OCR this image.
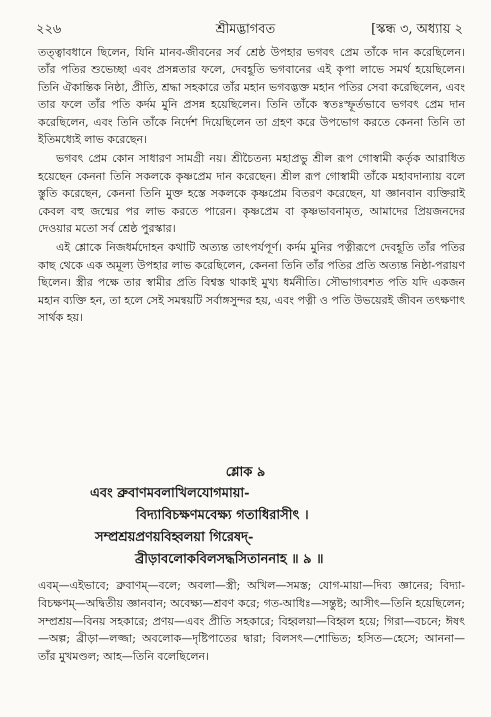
২২৬	শ্রীমদ্ভাগবত	[স্কন্ধ ৩, অধ্যায় ২

তত্ত্বাবধানে ছিলেন, যিনি মানব-জীবনের সর্ব শ্রেষ্ঠ উপহার ভগবৎ প্রেম তাঁকে দান করেছিলেন। তাঁর পতির শুভেচ্ছা এবং প্রসন্নতার ফলে, দেবহূতি ভগবানের এই কৃপা লাভে সমর্থ হয়েছিলেন। তিনি ঐকান্তিক নিষ্ঠা, প্রীতি, শ্রদ্ধা সহকারে তাঁর মহান ভগবদ্ভক্ত মহান পতির সেবা করেছিলেন, এবং তার ফলে তাঁর পতি কর্দম মুনি প্রসন্ন হয়েছিলেন। তিনি তাঁকে স্বতঃস্ফূর্তভাবে ভগবৎ প্রেম দান করেছিলেন, এবং তিনি তাঁকে নির্দেশ দিয়েছিলেন তা গ্রহণ করে উপভোগ করতে কেননা তিনি তা ইতিমধ্যেই লাভ করেছেন।

ভগবৎ প্রেম কোন সাধারণ সামগ্রী নয়। শ্রীচৈতন্য মহাপ্রভু শ্রীল রূপ গোস্বামী কর্তৃক আরাধিত হয়েছেন কেননা তিনি সকলকে কৃষ্ণপ্রেম দান করেছেন। শ্রীল রূপ গোস্বামী তাঁকে মহাবদান্যায় বলে স্তুতি করেছেন, কেননা তিনি মুক্ত হস্তে সকলকে কৃষ্ণপ্রেম বিতরণ করেছেন, যা জ্ঞানবান ব্যক্তিরাই কেবল বহু জন্মের পর লাভ করতে পারেন। কৃষ্ণপ্রেম বা কৃষ্ণভাবনামৃত, আমাদের প্রিয়জনদের দেওয়ার মতো সর্ব শ্রেষ্ঠ পুরস্কার।

এই শ্লোকে নিজধর্মদোহন কথাটি অত্যন্ত তাৎপর্যপূর্ণ। কর্দম মুনির পত্নীরূপে দেবহূতি তাঁর পতির কাছ থেকে এক অমূল্য উপহার লাভ করেছিলেন, কেননা তিনি তাঁর পতির প্রতি অত্যন্ত নিষ্ঠা-পরায়ণ ছিলেন। স্ত্রীর পক্ষে তার স্বামীর প্রতি বিশ্বস্ত থাকাই মুখ্য ধর্মনীতি। সৌভাগ্যবশত পতি যদি একজন মহান ব্যক্তি হন, তা হলে সেই সমন্বয়টি সর্বাঙ্গসুন্দর হয়, এবং পত্নী ও পতি উভয়েরই জীবন তৎক্ষণাৎ সার্থক হয়।

শ্লোক ৯
এবং ব্রুবাণমবলাখিলযোগমায়া-
বিদ্যাবিচক্ষণমবেক্ষ্য গতাধিরাসীৎ ।
সম্প্রশ্রয়প্রণয়বিহ্বলয়া গিরেষদ্-
ব্রীড়াবলোকবিলসদ্ধসিতাননাহ ॥ ৯ ॥
এবম্—এইভাবে; ব্রুবাণম্—বলে; অবলা—স্ত্রী; অখিল—সমস্ত; যোগ-মায়া—দিব্য জ্ঞানের; বিদ্যা-বিচক্ষণম্—অদ্বিতীয় জ্ঞানবান; অবেক্ষ্য—শ্রবণ করে; গত-আধিঃ—সন্তুষ্ট; আসীৎ—তিনি হয়েছিলেন; সম্প্রশ্রয়—বিনয় সহকারে; প্রণয়—এবং প্রীতি সহকারে; বিহ্বলয়া—বিহ্বল হয়ে; গিরা—বচনে; ঈষৎ—অল্প; ব্রীড়া—লজ্জা; অবলোক—দৃষ্টিপাতের দ্বারা; বিলসৎ—শোভিত; হসিত—হেসে; আননা—তাঁর মুখমণ্ডল; আহ—তিনি বলেছিলেন।
